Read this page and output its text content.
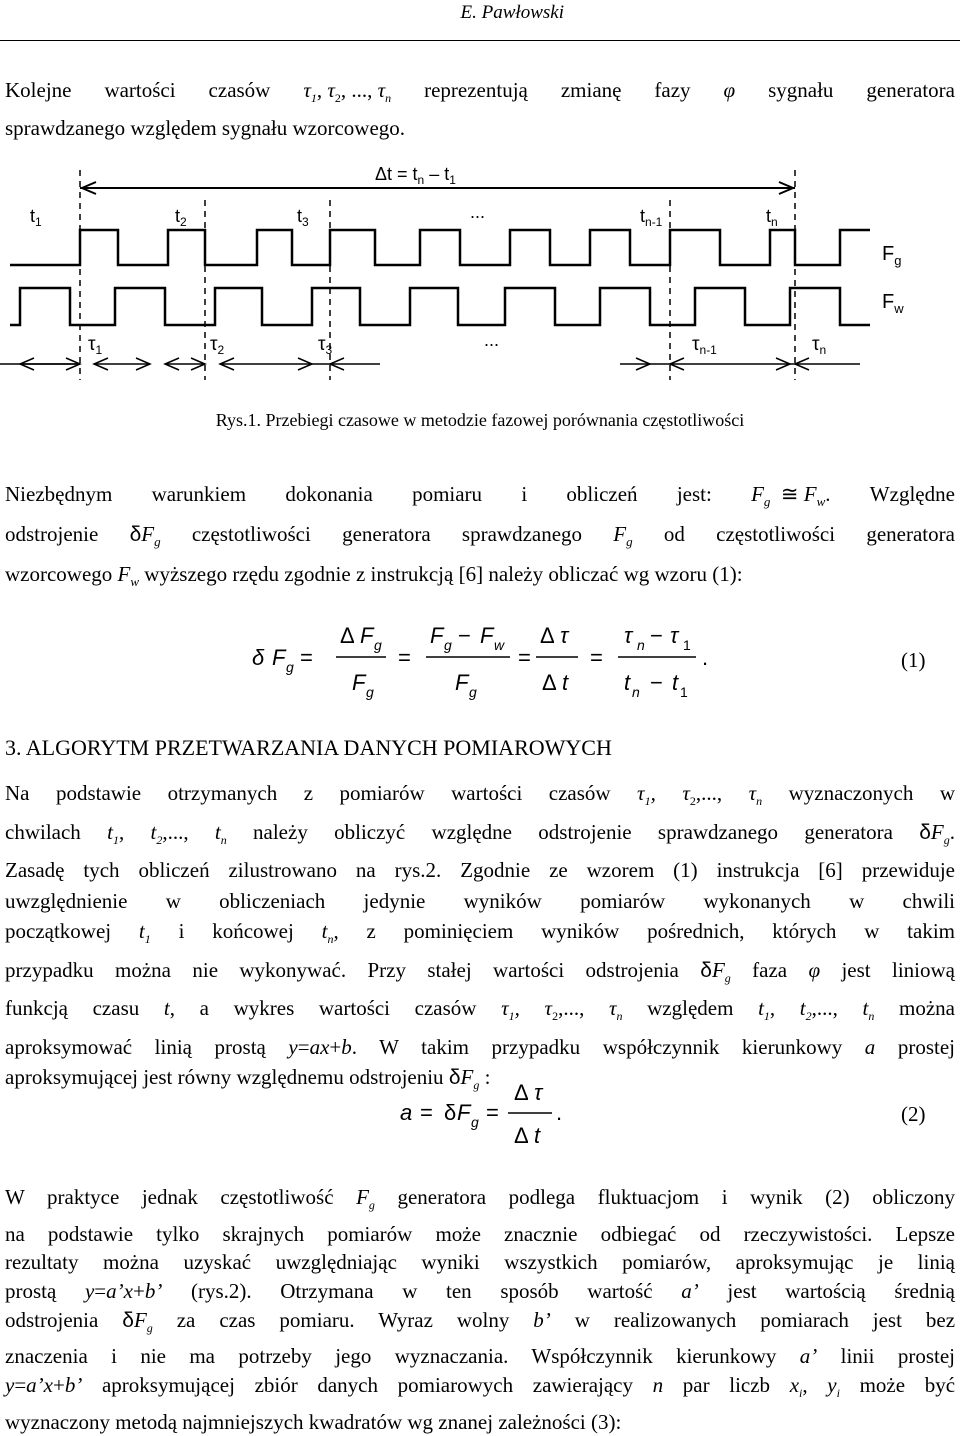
E. Pawłowski
Kolejne wartości czasów $\tau_1$, $\tau_2$, ..., $\tau_n$ reprezentują zmianę fazy φ sygnału generatora
sprawdzanego względem sygnału wzorcowego.
$\Delta t = t_n - t_1$
$t_1$	$t_2$	$t_3$	...	$t_{n-1}$	$t_n$
$F_g$
$F_w$
$\tau_1$	$\tau_2$	$\tau_3$	...	$\tau_{n-1}$	$\tau_n$
Rys.1. Przebiegi czasowe w metodzie fazowej porównania częstotliwości
Niezbędnym warunkiem dokonania pomiaru i obliczeń jest: $F_g$  ≅ $F_w$. Względne
odstrojenie $\delta F_g$ częstotliwości generatora sprawdzanego $F_g$ od częstotliwości generatora
wzorcowego $F_w$ wyższego rzędu zgodnie z instrukcją [6] należy obliczać wg wzoru (1):
δ F g =
Δ F g
F g
=
F g − F w
F g
=
Δ τ
Δ t
=
τ n − τ 1
t n − t 1
.	(1)
3. ALGORYTM PRZETWARZANIA DANYCH POMIAROWYCH
Na podstawie otrzymanych z pomiarów wartości czasów $\tau_1$, $\tau_2$,..., $\tau_n$ wyznaczonych w
chwilach $t_1$, $t_2$,..., $t_n$ należy obliczyć względne odstrojenie sprawdzanego generatora $\delta F_g$.
Zasadę tych obliczeń zilustrowano na rys.2. Zgodnie ze wzorem (1) instrukcja [6] przewiduje
uwzględnienie w obliczeniach jedynie wyników pomiarów wykonanych w chwili
początkowej $t_1$ i końcowej $t_n$, z pominięciem wyników pośrednich, których w takim
przypadku można nie wykonywać. Przy stałej wartości odstrojenia $\delta F_g$ faza φ jest liniową
funkcją czasu t, a wykres wartości czasów $\tau_1$, $\tau_2$,..., $\tau_n$ względem $t_1$, $t_2$,..., $t_n$ można
aproksymować linią prostą y=ax+b. W takim przypadku współczynnik kierunkowy a prostej
aproksymującej jest równy względnemu odstrojeniu $\delta F_g$ :
a = δ F g =
Δ τ
Δ t
.	(2)
W praktyce jednak częstotliwość $F_g$ generatora podlega fluktuacjom i wynik (2) obliczony
na podstawie tylko skrajnych pomiarów może znacznie odbiegać od rzeczywistości. Lepsze
rezultaty można uzyskać uwzględniając wyniki wszystkich pomiarów, aproksymując je linią
prostą y=a’x+b’ (rys.2). Otrzymana w ten sposób wartość a’ jest wartością średnią
odstrojenia $\delta F_g$ za czas pomiaru. Wyraz wolny b’ w realizowanych pomiarach jest bez
znaczenia i nie ma potrzeby jego wyznaczania. Współczynnik kierunkowy a’ linii prostej
y=a’x+b’ aproksymującej zbiór danych pomiarowych zawierający n par liczb $x_i$, $y_i$ może być
wyznaczony metodą najmniejszych kwadratów wg znanej zależności (3):
